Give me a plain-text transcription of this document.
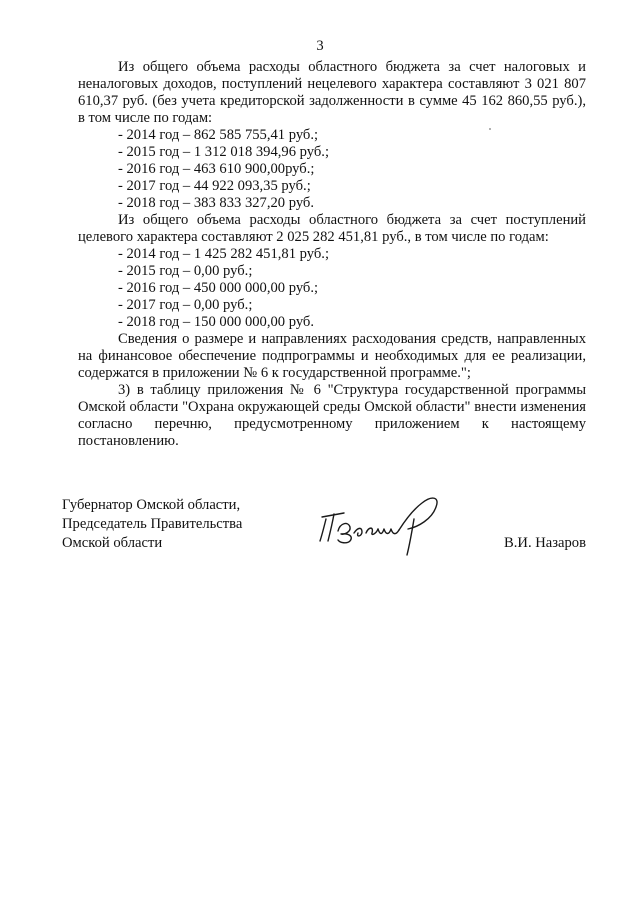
3

Из общего объема расходы областного бюджета за счет налоговых и неналоговых доходов, поступлений нецелевого характера составляют 3 021 807 610,37 руб. (без учета кредиторской задолженности в сумме 45 162 860,55 руб.), в том числе по годам:

- 2014 год – 862 585 755,41 руб.;

- 2015 год – 1 312 018 394,96 руб.;

- 2016 год – 463 610 900,00руб.;

- 2017 год – 44 922 093,35 руб.;

- 2018 год – 383 833 327,20 руб.

Из общего объема расходы областного бюджета за счет поступлений целевого характера составляют 2 025 282 451,81 руб., в том числе по годам:

- 2014 год – 1 425 282 451,81 руб.;

- 2015 год – 0,00 руб.;

- 2016 год – 450 000 000,00 руб.;

- 2017 год – 0,00 руб.;

- 2018 год – 150 000 000,00 руб.

Сведения о размере и направлениях расходования средств, направленных на финансовое обеспечение подпрограммы и необходимых для ее реализации, содержатся в приложении № 6 к государственной программе.";

3) в таблицу приложения № 6 "Структура государственной программы Омской области "Охрана окружающей среды Омской области" внести изменения согласно перечню, предусмотренному приложением к настоящему постановлению.

Губернатор Омской области,
Председатель Правительства
Омской области	В.И. Назаров
